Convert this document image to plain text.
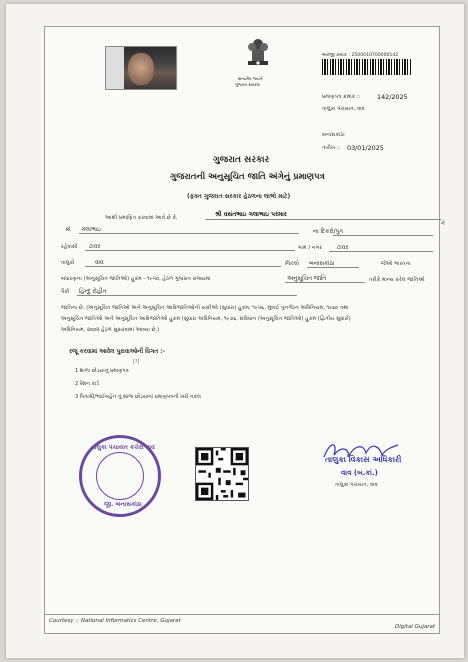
સત્યમેવ જયતે
ગુજરાત સરકાર
અરજી ક્રમાંક : 2500010700000142
પ્રમાણપત્ર ક્રમાંક ::	142/2025
તાલુકા પંચાયત, વાવ
બનાસકાંઠા
તારીખ :: 03/01/2025
ગુજરાત સરકાર
ગુજરાતની અનુસૂચિત જાતિ અંગેનું પ્રમાણપત્ર
(ફક્ત ગુજરાત સરકાર હેઠળના લાભો માટે)
આથી પ્રમાણિત કરવામાં આવે છે કે,	શ્રી વસંતભાઇ ગલાભાઇ પરમાર
ને
શ્રી ગલાભાઇ	ના દિકરો/પુત્ર
રહેવાસી ટાવર	ગામ / નગર	ટાવર
તાલુકો	વાવ	જિલ્લો બનાસકાંઠા	જેઓ ભારતના
બંધારણના (અનુસૂચિત જાતિઓ) હુકમ - ૧૯૫૦, હેઠળ ગુજરાત રાજ્યમાં	અનુસૂચિત જાતિ	તરીકે માન્ય કરેલ જાતિઓ
પૈકી હિન્દુ રોહીત
જાતિના છે. (અનુસૂચિત જાતિઓ અને અનુસૂચિત આદિજાતિઓની યાદીઓ (સુધારા) હુકમ, ૧૯૫૬, મુંબઈ પુનર્ગઠન અધિનિયમ, ૧૯૬૦ તથા
અનુસૂચિત જાતિઓ અને અનુસૂચિત આદિજાતિઓ હુકમ (સુધારા અધિનિયમ, ૧૯૭૬, સંવિધાન (અનુસૂચિત જાતિઓ) હુકમ (દ્વિતીય સુધારો)
અધિનિયમ, ૨૦૦૨ હેઠળ સુધારવામાં આવ્યા છે.)
રજૂ કરવામાં આવેલ પુરાવાઓની વિગત :-
[?]
1 શાળા છોડયાનું પ્રમાણપત્ર
2 રેશન કાર્ડ
3 પિતાશ્રી/ભાઈબહેન નું શાળા છોડયાનાં પ્રમાણપત્રની ખરી નકલ
તાલુકા પંચાયત કચેરી વાવ
જી. બનાસકાંઠા
તાલુકા વિકાસ અધિકારી
વાવ (બ.કાં.)
તાલુકા પંચાયત, વાવ
Courtesy :: National Informatics Centre, Gujarat
Digital Gujarat
